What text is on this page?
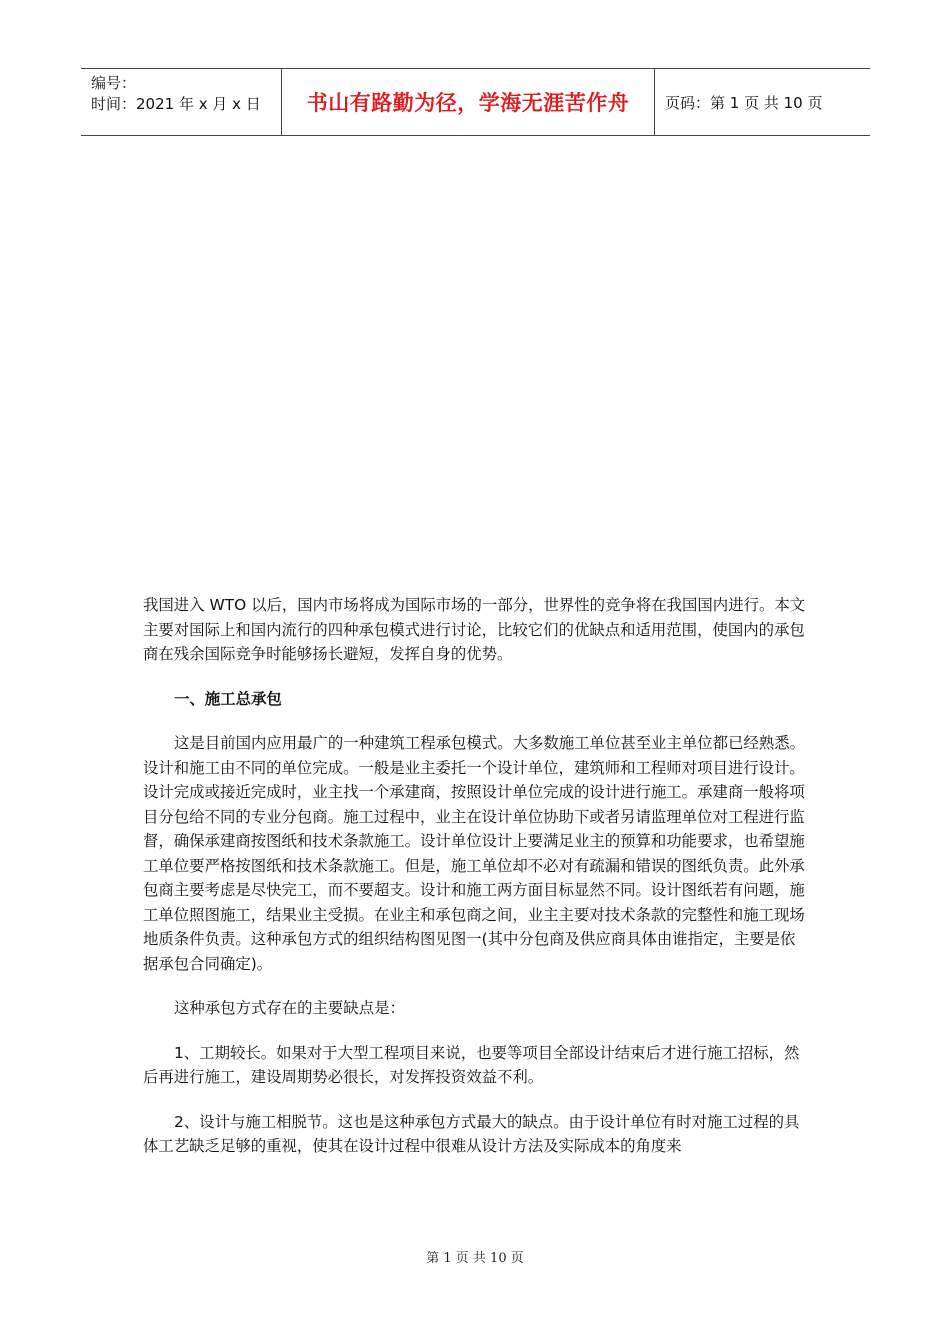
编号：
时间：2021 年 x 月 x 日	书山有路勤为径，学海无涯苦作舟 页码：第 1 页 共 10 页

我国进入 WTO 以后，国内市场将成为国际市场的一部分，世界性的竞争将在我国国内进行。本文主要对国际上和国内流行的四种承包模式进行讨论，比较它们的优缺点和适用范围，使国内的承包商在残余国际竞争时能够扬长避短，发挥自身的优势。

一、施工总承包

这是目前国内应用最广的一种建筑工程承包模式。大多数施工单位甚至业主单位都已经熟悉。设计和施工由不同的单位完成。一般是业主委托一个设计单位，建筑师和工程师对项目进行设计。设计完成或接近完成时，业主找一个承建商，按照设计单位完成的设计进行施工。承建商一般将项目分包给不同的专业分包商。施工过程中，业主在设计单位协助下或者另请监理单位对工程进行监督，确保承建商按图纸和技术条款施工。设计单位设计上要满足业主的预算和功能要求，也希望施工单位要严格按图纸和技术条款施工。但是，施工单位却不必对有疏漏和错误的图纸负责。此外承包商主要考虑是尽快完工，而不要超支。设计和施工两方面目标显然不同。设计图纸若有问题，施工单位照图施工，结果业主受损。在业主和承包商之间，业主主要对技术条款的完整性和施工现场地质条件负责。这种承包方式的组织结构图见图一(其中分包商及供应商具体由谁指定，主要是依据承包合同确定)。

这种承包方式存在的主要缺点是：

1、工期较长。如果对于大型工程项目来说，也要等项目全部设计结束后才进行施工招标，然后再进行施工，建设周期势必很长，对发挥投资效益不利。

2、设计与施工相脱节。这也是这种承包方式最大的缺点。由于设计单位有时对施工过程的具体工艺缺乏足够的重视，使其在设计过程中很难从设计方法及实际成本的角度来

第 1 页 共 10 页
